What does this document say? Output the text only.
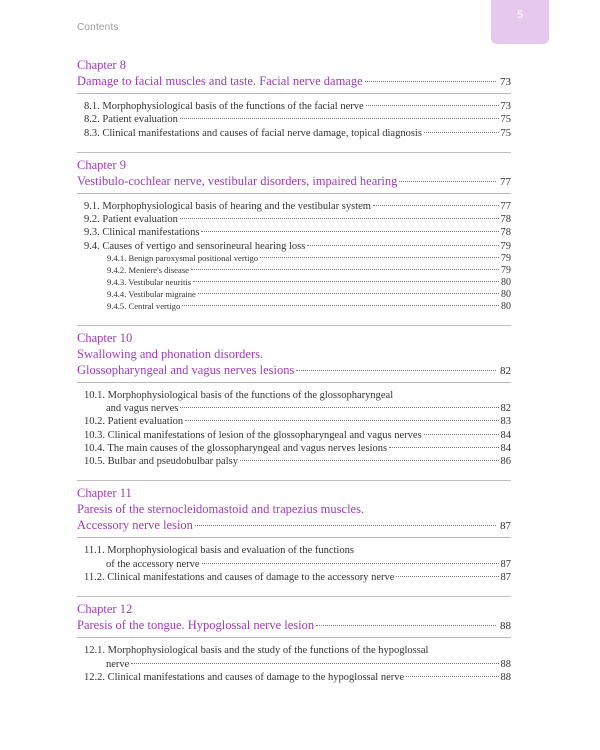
Contents
5
Chapter 8
Damage to facial muscles and taste. Facial nerve damage	73
8.1. Morphophysiological basis of the functions of the facial nerve	73
8.2. Patient evaluation	75
8.3. Clinical manifestations and causes of facial nerve damage, topical diagnosis	75
Chapter 9
Vestibulo-cochlear nerve, vestibular disorders, impaired hearing	77
9.1. Morphophysiological basis of hearing and the vestibular system	77
9.2. Patient evaluation	78
9.3. Clinical manifestations	78
9.4. Causes of vertigo and sensorineural hearing loss	79
9.4.1. Benign paroxysmal positional vertigo	79
9.4.2. Meniere's disease	79
9.4.3. Vestibular neuritis	80
9.4.4. Vestibular migraine	80
9.4.5. Central vertigo	80
Chapter 10
Swallowing and phonation disorders.
Glossopharyngeal and vagus nerves lesions	82
10.1. Morphophysiological basis of the functions of the glossopharyngeal
and vagus nerves	82
10.2. Patient evaluation	83
10.3. Clinical manifestations of lesion of the glossopharyngeal and vagus nerves	84
10.4. The main causes of the glossopharyngeal and vagus nerves lesions	84
10.5. Bulbar and pseudobulbar palsy	86
Chapter 11
Paresis of the sternocleidomastoid and trapezius muscles.
Accessory nerve lesion	87
11.1. Morphophysiological basis and evaluation of the functions
of the accessory nerve	87
11.2. Clinical manifestations and causes of damage to the accessory nerve	87
Chapter 12
Paresis of the tongue. Hypoglossal nerve lesion	88
12.1. Morphophysiological basis and the study of the functions of the hypoglossal
nerve	88
12.2. Clinical manifestations and causes of damage to the hypoglossal nerve	88
